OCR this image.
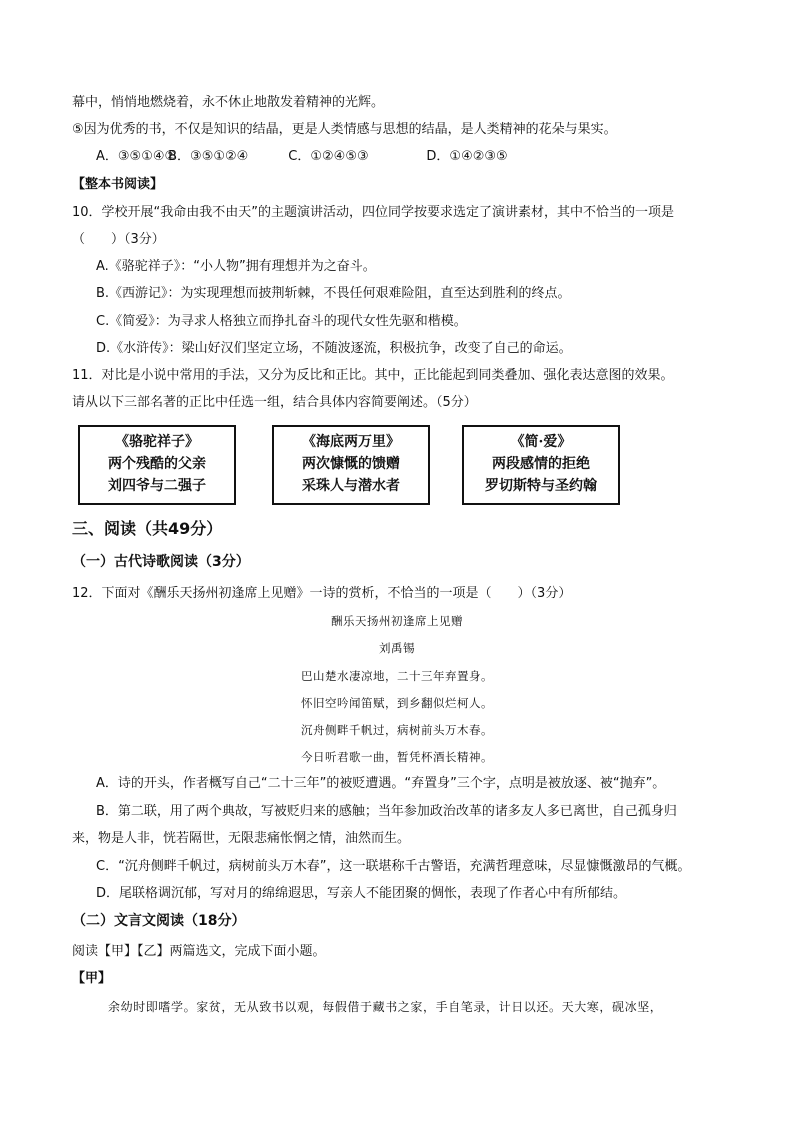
幕中，悄悄地燃烧着，永不休止地散发着精神的光辉。
⑤因为优秀的书，不仅是知识的结晶，更是人类情感与思想的结晶，是人类精神的花朵与果实。
A．③⑤①④② B．③⑤①②④	C．①②④⑤③	D．①④②③⑤
【整本书阅读】
10．学校开展“我命由我不由天”的主题演讲活动，四位同学按要求选定了演讲素材，其中不恰当的一项是
（　　）（3分）
A.《骆驼祥子》：“小人物”拥有理想并为之奋斗。
B.《西游记》：为实现理想而披荆斩棘，不畏任何艰难险阻，直至达到胜利的终点。
C.《简爱》：为寻求人格独立而挣扎奋斗的现代女性先驱和楷模。
D.《水浒传》：梁山好汉们坚定立场，不随波逐流，积极抗争，改变了自己的命运。
11．对比是小说中常用的手法，又分为反比和正比。其中，正比能起到同类叠加、强化表达意图的效果。
请从以下三部名著的正比中任选一组，结合具体内容简要阐述。（5分）
《骆驼祥子》
两个残酷的父亲
刘四爷与二强子
《海底两万里》
两次慷慨的馈赠
采珠人与潜水者
《简·爱》
两段感情的拒绝
罗切斯特与圣约翰
三、阅读（共49分）
（一）古代诗歌阅读（3分）
12．下面对《酬乐天扬州初逢席上见赠》一诗的赏析，不恰当的一项是（　　）（3分）
酬乐天扬州初逢席上见赠
刘禹锡
巴山楚水凄凉地，二十三年弃置身。
怀旧空吟闻笛赋，到乡翻似烂柯人。
沉舟侧畔千帆过，病树前头万木春。
今日听君歌一曲，暂凭杯酒长精神。
A．诗的开头，作者概写自己“二十三年”的被贬遭遇。“弃置身”三个字，点明是被放逐、被“抛弃”。
B．第二联，用了两个典故，写被贬归来的感触；当年参加政治改革的诸多友人多已离世，自己孤身归
来，物是人非，恍若隔世，无限悲痛怅惘之情，油然而生。
C．“沉舟侧畔千帆过，病树前头万木春”，这一联堪称千古警语，充满哲理意味，尽显慷慨激昂的气概。
D．尾联格调沉郁，写对月的绵绵遐思，写亲人不能团聚的惆怅，表现了作者心中有所郁结。
（二）文言文阅读（18分）
阅读【甲】【乙】两篇选文，完成下面小题。
【甲】
余幼时即嗜学。家贫，无从致书以观，每假借于藏书之家，手自笔录，计日以还。天大寒，砚冰坚，
